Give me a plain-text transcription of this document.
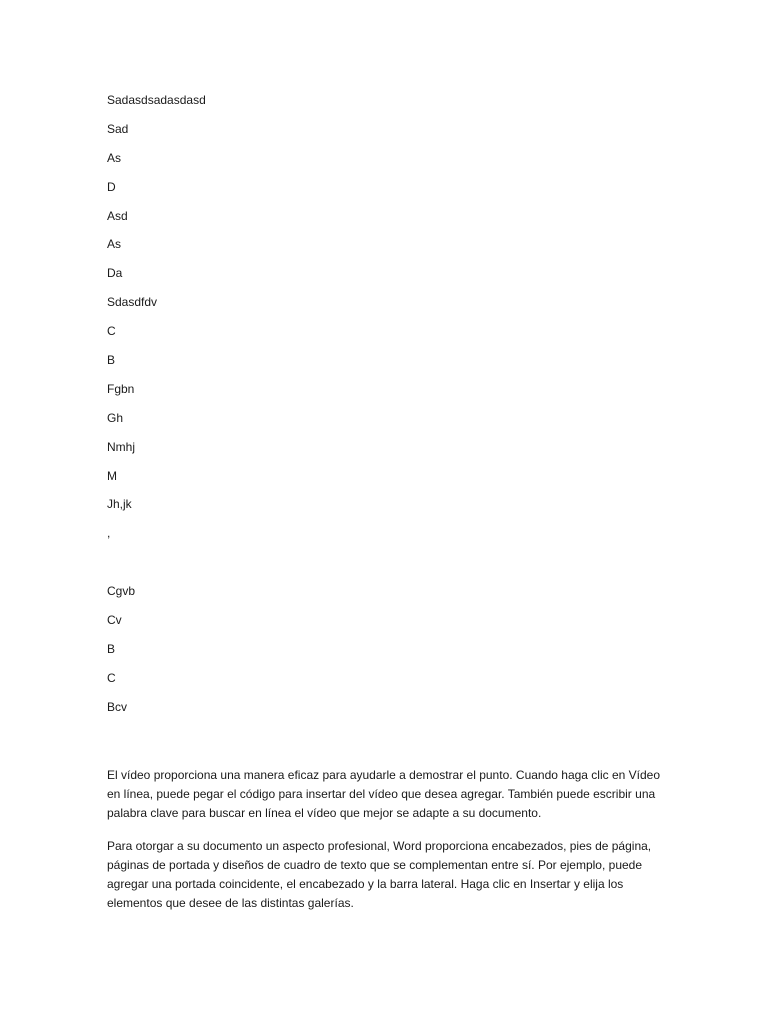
Sadasdsadasdasd
Sad
As
D
Asd
As
Da
Sdasdfdv
C
B
Fgbn
Gh
Nmhj
M
Jh,jk
,
Cgvb
Cv
B
C
Bcv

El vídeo proporciona una manera eficaz para ayudarle a demostrar el punto. Cuando haga clic en Vídeo en línea, puede pegar el código para insertar del vídeo que desea agregar. También puede escribir una palabra clave para buscar en línea el vídeo que mejor se adapte a su documento.

Para otorgar a su documento un aspecto profesional, Word proporciona encabezados, pies de página, páginas de portada y diseños de cuadro de texto que se complementan entre sí. Por ejemplo, puede agregar una portada coincidente, el encabezado y la barra lateral. Haga clic en Insertar y elija los elementos que desee de las distintas galerías.
